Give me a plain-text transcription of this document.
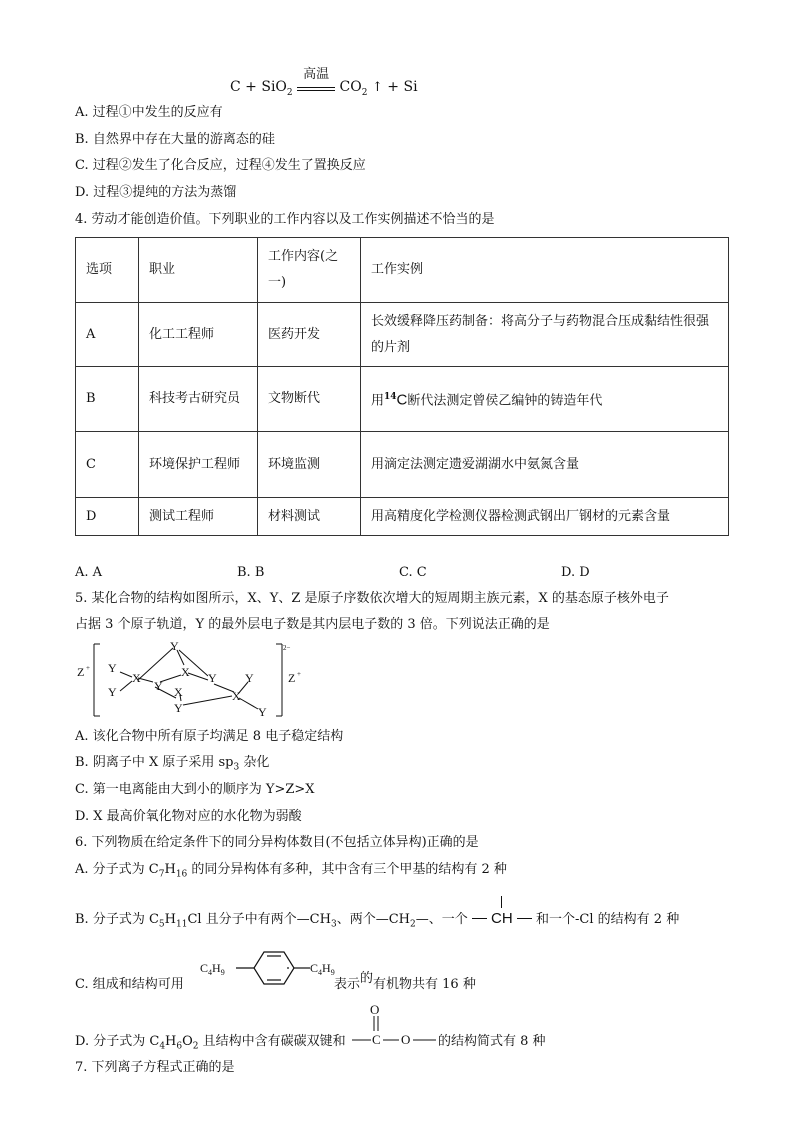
C + SiO$_2$
高温
$CO_2$ ↑ + Si
A. 过程①中发生的反应有
B. 自然界中存在大量的游离态的硅
C. 过程②发生了化合反应，过程④发生了置换反应
D. 过程③提纯的方法为蒸馏
4. 劳动才能创造价值。下列职业的工作内容以及工作实例描述不恰当的是
选项	职业	工作内容(之一)	工作实例
A	化工工程师	医药开发	长效缓释降压药制备：将高分子与药物混合压成黏结性很强的片剂
B	科技考古研究员	文物断代	用$^{14}$C断代法测定曾侯乙编钟的铸造年代
C	环境保护工程师	环境监测	用滴定法测定遗爱湖湖水中氨氮含量
D	测试工程师	材料测试	用高精度化学检测仪器检测武钢出厂钢材的元素含量
A. A	B. B	C. C	D. D
5. 某化合物的结构如图所示，X、Y、Z 是原子序数依次增大的短周期主族元素，X 的基态原子核外电子
占据 3 个原子轨道，Y 的最外层电子数是其内层电子数的 3 倍。下列说法正确的是
Z + Y
X
Y	Y
Y
X Y
X
Y
X
Y
Y
2−
Z +
A. 该化合物中所有原子均满足 8 电子稳定结构
B. 阴离子中 X 原子采用 $sp_3$ 杂化
C. 第一电离能由大到小的顺序为 Y>Z>X
D. X 最高价氧化物对应的水化物为弱酸
6. 下列物质在给定条件下的同分异构体数目(不包括立体异构)正确的是
A. 分子式为 $C_7H_{16}$ 的同分异构体有多种，其中含有三个甲基的结构有 2 种
B. 分子式为 $C_5H_{11}Cl$ 且分子中有两个$—CH_3$、两个$—CH_2—$、一个 CH 和一个-Cl 的结构有 2 种
C. 组成和结构可用
$C_4H_9$	$C_4H_9$
表示的有机物共有 16 种
D. 分子式为 $C_4H_6O_2$ 且结构中含有碳碳双键和
O
C O 的结构简式有 8 种
7. 下列离子方程式正确的是
